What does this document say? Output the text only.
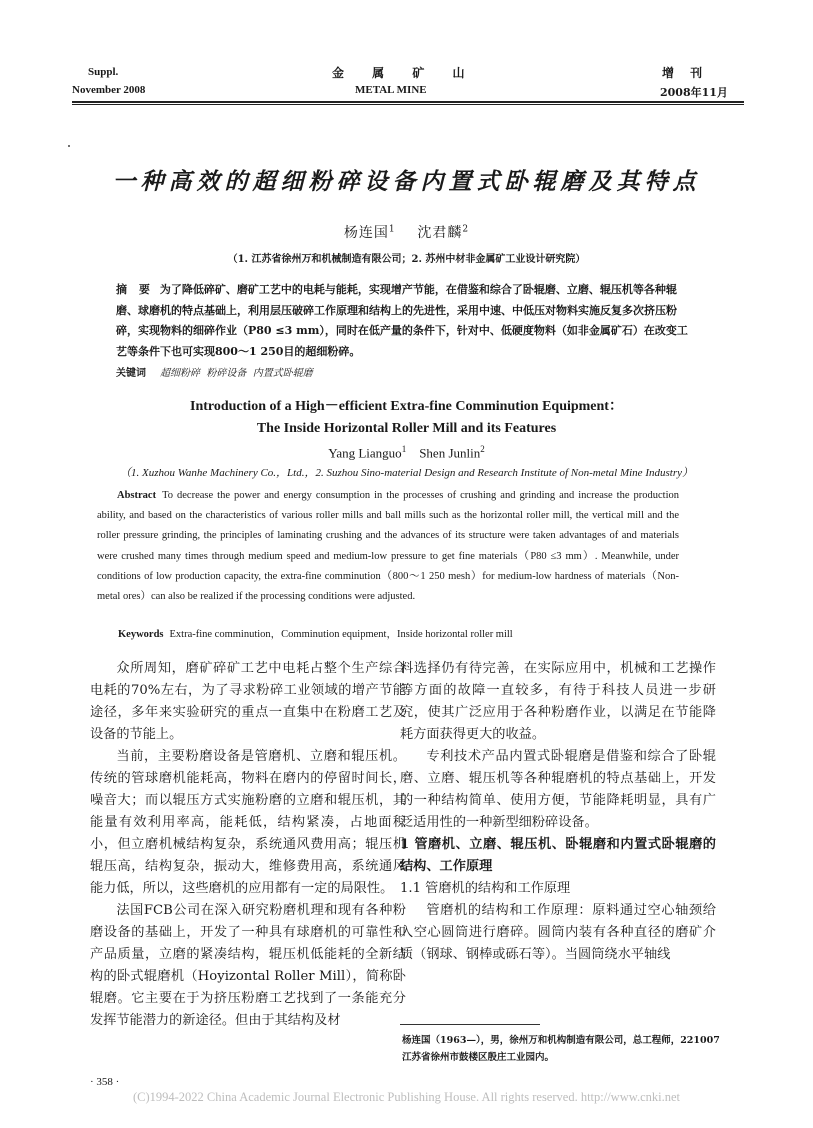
Suppl.
November 2008
金 属 矿 山
METAL MINE
增 刊
2008年11月
一种高效的超细粉碎设备内置式卧辊磨及其特点
杨连国$^1$ 沈君麟$^2$
（1. 江苏省徐州万和机械制造有限公司；2. 苏州中材非金属矿工业设计研究院）
摘 要 为了降低碎矿、磨矿工艺中的电耗与能耗，实现增产节能，在借鉴和综合了卧辊磨、立磨、辊压机等各种辊磨、球磨机的特点基础上，利用层压破碎工作原理和结构上的先进性，采用中速、中低压对物料实施反复多次挤压粉碎，实现物料的细碎作业（P80 ≤3 mm），同时在低产量的条件下，针对中、低硬度物料（如非金属矿石）在改变工艺等条件下也可实现800～1 250目的超细粉碎。
关键词 超细粉碎  粉碎设备  内置式卧辊磨
Introduction of a High－efficient Extra-fine Comminution Equipment：
The Inside Horizontal Roller Mill and its Features
Yang Lianguo$^1$ Shen Junlin$^2$
（1. Xuzhou Wanhe Machinery Co.，Ltd.，2. Suzhou Sino-material Design and Research Institute of Non-metal Mine Industry）
Abstract To decrease the power and energy consumption in the processes of crushing and grinding and increase the production ability, and based on the characteristics of various roller mills and ball mills such as the horizontal roller mill, the vertical mill and the roller pressure grinding, the principles of laminating crushing and the advances of its structure were taken advantages of and materials were crushed many times through medium speed and medium-low pressure to get fine materials（P80 ≤3 mm）. Meanwhile, under conditions of low production capacity, the extra-fine comminution（800～1 250 mesh）for medium-low hardness of materials（Non-metal ores）can also be realized if the processing conditions were adjusted.
Keywords Extra-fine comminution，Comminution equipment，Inside horizontal roller mill

众所周知，磨矿碎矿工艺中电耗占整个生产综合电耗的70%左右，为了寻求粉碎工业领域的增产节能途径，多年来实验研究的重点一直集中在粉磨工艺及设备的节能上。

当前，主要粉磨设备是管磨机、立磨和辊压机。传统的管球磨机能耗高，物料在磨内的停留时间长，噪音大；而以辊压方式实施粉磨的立磨和辊压机，其能量有效利用率高，能耗低，结构紧凑，占地面积小，但立磨机械结构复杂，系统通风费用高；辊压机辊压高，结构复杂，振动大，维修费用高，系统通风能力低，所以，这些磨机的应用都有一定的局限性。

法国FCB公司在深入研究粉磨机理和现有各种粉磨设备的基础上，开发了一种具有球磨机的可靠性和产品质量，立磨的紧凑结构，辊压机低能耗的全新结构的卧式辊磨机（Hoyizontal Roller Mill），简称卧辊磨。它主要在于为挤压粉磨工艺找到了一条能充分发挥节能潜力的新途径。但由于其结构及材

料选择仍有待完善，在实际应用中，机械和工艺操作等方面的故障一直较多，有待于科技人员进一步研究，使其广泛应用于各种粉磨作业，以满足在节能降耗方面获得更大的收益。

专利技术产品内置式卧辊磨是借鉴和综合了卧辊磨、立磨、辊压机等各种辊磨机的特点基础上，开发的一种结构简单、使用方便，节能降耗明显，具有广泛适用性的一种新型细粉碎设备。

1 管磨机、立磨、辊压机、卧辊磨和内置式卧辊磨的结构、工作原理
1.1 管磨机的结构和工作原理

管磨机的结构和工作原理：原料通过空心轴颈给入空心圆筒进行磨碎。圆筒内装有各种直径的磨矿介质（钢球、钢棒或砾石等）。当圆筒绕水平轴线

杨连国（1963—），男，徐州万和机构制造有限公司，总工程师，221007 江苏省徐州市鼓楼区殷庄工业园内。
· 358 ·
(C)1994-2022 China Academic Journal Electronic Publishing House. All rights reserved. http://www.cnki.net
